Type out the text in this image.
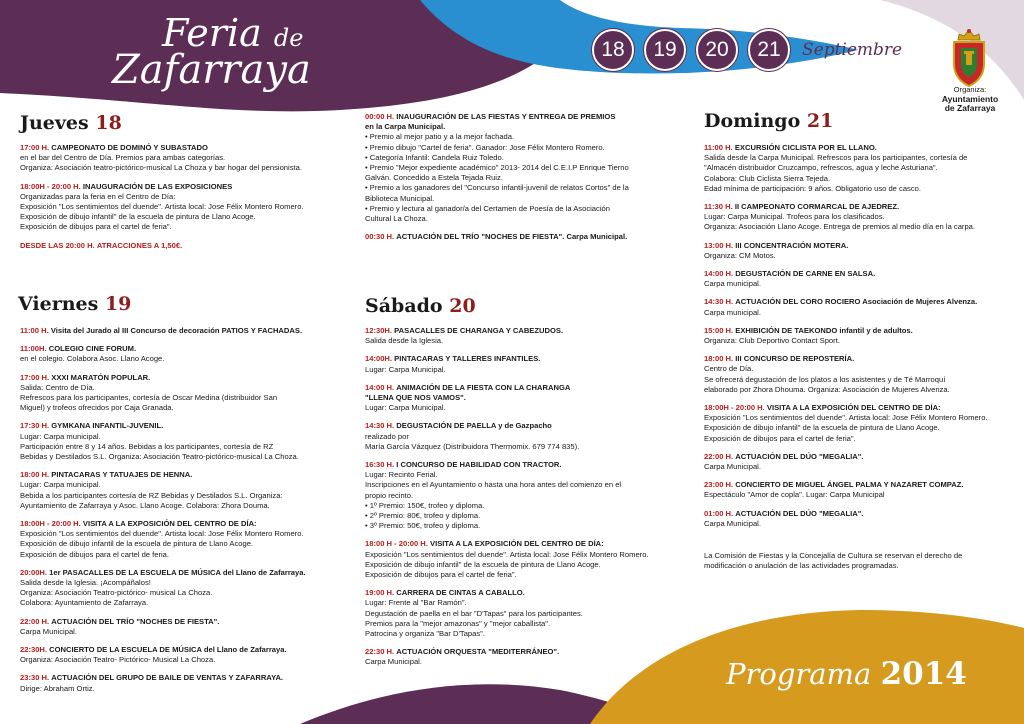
Feria de
Zafarraya	18	19	20	21	Septiembre
Organiza:
Ayuntamiento
de Zafarraya
Jueves 18

17:00 H. CAMPEONATO DE DOMINÓ Y SUBASTADO
en el bar del Centro de Día. Premios para ambas categorías.
Organiza: Asociación teatro-pictórico-musical La Choza y bar hogar del pensionista.

18:00H - 20:00 H. INAUGURACIÓN DE LAS EXPOSICIONES
Organizadas para la feria en el Centro de Día:
Exposición "Los sentimientos del duende". Artista local: Jose Félix Montero Romero.
Exposición de dibujo infantil" de la escuela de pintura de Llano Acoge.
Exposición de dibujos para el cartel de feria".

DESDE LAS 20:00 H. ATRACCIONES A 1,50€.

Viernes 19

11:00 H. Visita del Jurado al III Concurso de decoración PATIOS Y FACHADAS.

11:00H. COLEGIO CINE FORUM.
en el colegio. Colabora Asoc. Llano Acoge.

17:00 H. XXXI MARATÓN POPULAR.
Salida: Centro de Día.
Refrescos para los participantes, cortesía de Oscar Medina (distribuidor San
Miguel) y trofeos ofrecidos por Caja Granada.

17:30 H. GYMKANA INFANTIL-JUVENIL.
Lugar: Carpa municipal.
Participación entre 8 y 14 años. Bebidas a los participantes, cortesía de RZ
Bebidas y Destilados S.L. Organiza: Asociación Teatro-pictórico-musical La Choza.

18:00 H. PINTACARAS Y TATUAJES DE HENNA.
Lugar: Carpa municipal.
Bebida a los participantes cortesía de RZ Bebidas y Destilados S.L. Organiza:
Ayuntamiento de Zafarraya y Asoc. Llano Acoge. Colabora: Zhora Douma.

18:00H - 20:00 H. VISITA A LA EXPOSICIÓN DEL CENTRO DE DÍA:
Exposición "Los sentimientos del duende". Artista local: Jose Félix Montero Romero.
Exposición de dibujo infantil de la escuela de pintura de Llano Acoge.
Exposición de dibujos para el cartel de feria.

20:00H. 1er PASACALLES DE LA ESCUELA DE MÚSICA del Llano de Zafarraya.
Salida desde la Iglesia. ¡Acompáñalos!
Organiza: Asociación Teatro-pictórico- musical La Choza.
Colabora: Ayuntamiento de Zafarraya.

22:00 H. ACTUACIÓN DEL TRÍO "NOCHES DE FIESTA".
Carpa Municipal.

22:30H. CONCIERTO DE LA ESCUELA DE MÚSICA del Llano de Zafarraya.
Organiza: Asociación Teatro- Pictórico- Musical La Choza.

23:30 H. ACTUACIÓN DEL GRUPO DE BAILE DE VENTAS Y ZAFARRAYA.
Dirige: Abraham Ortiz.

00:00 H. INAUGURACIÓN DE LAS FIESTAS Y ENTREGA DE PREMIOS
en la Carpa Municipal.
• Premio al mejor patio y a la mejor fachada.
• Premio dibujo "Cartel de feria". Ganador: Jose Félix Montero Romero.
• Categoría Infantil: Candela Ruiz Toledo.
• Premio "Mejor expediente académico" 2013- 2014 del C.E.I.P Enrique Tierno
Galván. Concedido a Estela Tejada Ruiz.
• Premio a los ganadores del "Concurso infantil-juvenil de relatos Cortos" de la
Biblioteca Municipal.
• Premio y lectura al ganador/a del Certamen de Poesía de la Asociación
Cultural La Choza.

00:30 H. ACTUACIÓN DEL TRÍO "NOCHES DE FIESTA". Carpa Municipal.

Sábado 20

12:30H. PASACALLES DE CHARANGA Y CABEZUDOS.
Salida desde la Iglesia.

14:00H. PINTACARAS Y TALLERES INFANTILES.
Lugar: Carpa Municipal.

14:00 H. ANIMACIÓN DE LA FIESTA CON LA CHARANGA
"LLENA QUE NOS VAMOS".
Lugar: Carpa Municipal.

14:30 H. DEGUSTACIÓN DE PAELLA y de Gazpacho
realizado por
María García Vázquez (Distribuidora Thermomix. 679 774 835).

16:30 H. I CONCURSO DE HABILIDAD CON TRACTOR.
Lugar: Recinto Ferial.
Inscripciones en el Ayuntamiento o hasta una hora antes del comienzo en el
propio recinto.
• 1º Premio: 150€, trofeo y diploma.
• 2º Premio: 80€, trofeo y diploma.
• 3º Premio: 50€, trofeo y diploma.

18:00 H - 20:00 H. VISITA A LA EXPOSICIÓN DEL CENTRO DE DÍA:
Exposición "Los sentimientos del duende". Artista local: Jose Félix Montero Romero.
Exposición de dibujo infantil" de la escuela de pintura de Llano Acoge.
Exposición de dibujos para el cartel de feria".

19:00 H. CARRERA DE CINTAS A CABALLO.
Lugar: Frente al "Bar Ramón".
Degustación de paella en el bar "D'Tapas" para los participantes.
Premios para la "mejor amazonas" y "mejor caballista".
Patrocina y organiza "Bar D'Tapas".

22:30 H. ACTUACIÓN ORQUESTA "MEDITERRÁNEO".
Carpa Municipal.

Domingo 21

11:00 H. EXCURSIÓN CICLISTA POR EL LLANO.
Salida desde la Carpa Municipal. Refrescos para los participantes, cortesía de
"Almacén distribuidor Cruzcampo, refrescos, agua y leche Asturiana".
Colabora: Club Ciclista Sierra Tejeda.
Edad mínima de participación: 9 años. Obligatorio uso de casco.

11:30 H. II CAMPEONATO CORMARCAL DE AJEDREZ.
Lugar: Carpa Municipal. Trofeos para los clasificados.
Organiza: Asociación Llano Acoge. Entrega de premios al medio día en la carpa.

13:00 H. III CONCENTRACIÓN MOTERA.
Organiza: CM Motos.

14:00 H. DEGUSTACIÓN DE CARNE EN SALSA.
Carpa municipal.

14:30 H. ACTUACIÓN DEL CORO ROCIERO Asociación de Mujeres Alvenza.
Carpa municipal.

15:00 H. EXHIBICIÓN DE TAEKONDO infantil y de adultos.
Organiza: Club Deportivo Contact Sport.

18:00 H. III CONCURSO DE REPOSTERÍA.
Centro de Día.
Se ofrecerá degustación de los platos a los asistentes y de Té Marroquí
elaborado por Zhora Dhouma. Organiza: Asociación de Mujeres Alvenza.

18:00H - 20:00 H. VISITA A LA EXPOSICIÓN DEL CENTRO DE DÍA:
Exposición "Los sentimientos del duende". Artista local: Jose Félix Montero Romero.
Exposición de dibujo infantil" de la escuela de pintura de Llano Acoge.
Exposición de dibujos para el cartel de feria".

22:00 H. ACTUACIÓN DEL DÚO "MEGALIA".
Carpa Municipal.

23:00 H. CONCIERTO DE MIGUEL ÁNGEL PALMA Y NAZARET COMPAZ.
Espectáculo "Amor de copla". Lugar: Carpa Municipal

01:00 H. ACTUACIÓN DEL DÚO "MEGALIA".
Carpa Municipal.

La Comisión de Fiestas y la Concejalía de Cultura se reservan el derecho de
modificación o anulación de las actividades programadas.
Programa 2014
